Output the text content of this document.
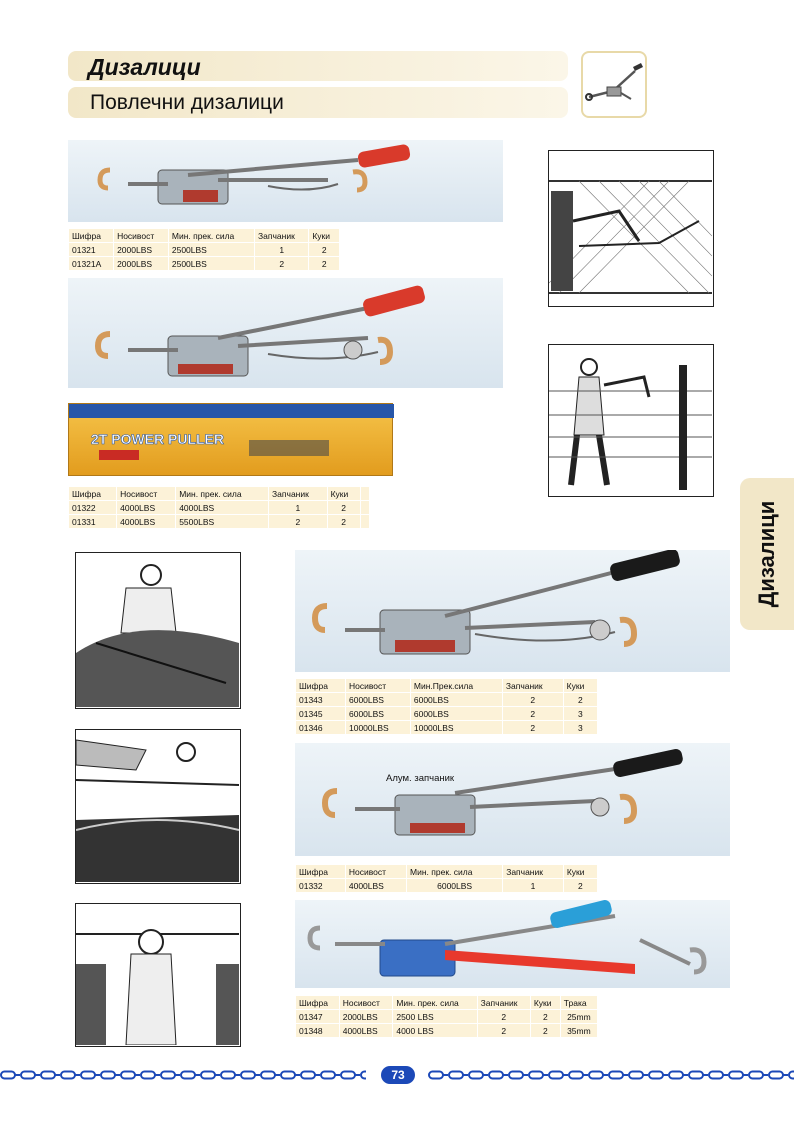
Дизалици
Повлечни дизалици
Шифра	Носивост	Мин. прек. сила	Запчаник	Куки
01321	2000LBS	2500LBS	1	2
01321A	2000LBS	2500LBS	2	2
2T POWER PULLER
Шифра	Носивост	Мин. прек. сила	Запчаник	Куки	
01322	4000LBS	4000LBS	1	2	
01331	4000LBS	5500LBS	2	2		Дизалици
Шифра	Носивост	Мин.Прек.сила	Запчаник	Куки
01343	6000LBS	6000LBS	2	2
01345	6000LBS	6000LBS	2	3
01346	10000LBS	10000LBS	2	3
Алум. запчаник
Шифра	Носивост	Мин. прек. сила	Запчаник	Куки
01332	4000LBS	6000LBS	1	2
Шифра	Носивост	Мин. прек. сила	Запчаник	Куки	Трака
01347	2000LBS	2500 LBS	2	2	25mm
01348	4000LBS	4000 LBS	2	2	35mm
73
